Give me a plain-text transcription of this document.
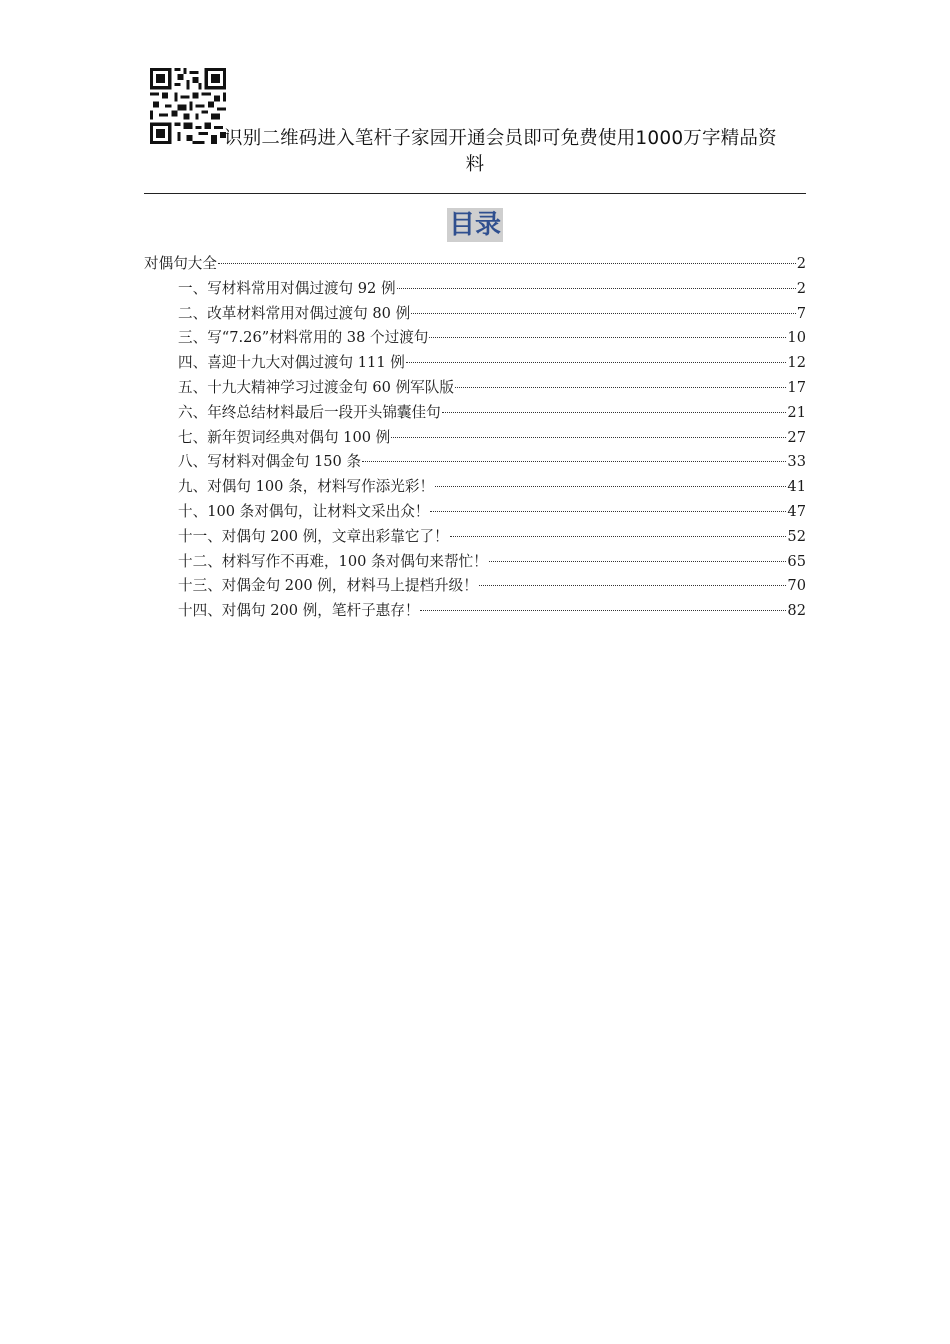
识别二维码进入笔杆子家园开通会员即可免费使用1000万字精品资
料
目录
对偶句大全	2
一、写材料常用对偶过渡句 92 例	2
二、改革材料常用对偶过渡句 80 例	7
三、写“7.26”材料常用的 38 个过渡句	10
四、喜迎十九大对偶过渡句 111 例	12
五、十九大精神学习过渡金句 60 例军队版	17
六、年终总结材料最后一段开头锦囊佳句	21
七、新年贺词经典对偶句 100 例	27
八、写材料对偶金句 150 条	33
九、对偶句 100 条，材料写作添光彩！	41
十、100 条对偶句，让材料文采出众！	47
十一、对偶句 200 例，文章出彩靠它了！	52
十二、材料写作不再难，100 条对偶句来帮忙！	65
十三、对偶金句 200 例，材料马上提档升级！	70
十四、对偶句 200 例，笔杆子惠存！	82
